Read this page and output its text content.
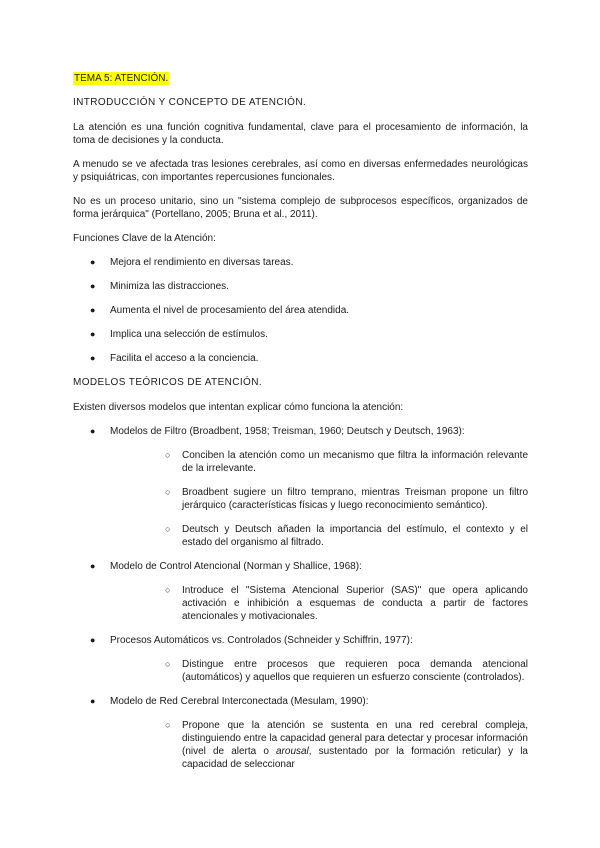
TEMA 5: ATENCIÓN.
INTRODUCCIÓN Y CONCEPTO DE ATENCIÓN.
La atención es una función cognitiva fundamental, clave para el procesamiento de información, la toma de decisiones y la conducta.
A menudo se ve afectada tras lesiones cerebrales, así como en diversas enfermedades neurológicas y psiquiátricas, con importantes repercusiones funcionales.
No es un proceso unitario, sino un "sistema complejo de subprocesos específicos, organizados de forma jerárquica" (Portellano, 2005; Bruna et al., 2011).
Funciones Clave de la Atención:
● Mejora el rendimiento en diversas tareas.
● Minimiza las distracciones.
● Aumenta el nivel de procesamiento del área atendida.
● Implica una selección de estímulos.
● Facilita el acceso a la conciencia.
MODELOS TEÓRICOS DE ATENCIÓN.
Existen diversos modelos que intentan explicar cómo funciona la atención:
● Modelos de Filtro (Broadbent, 1958; Treisman, 1960; Deutsch y Deutsch, 1963):
○ Conciben la atención como un mecanismo que filtra la información relevante de la irrelevante.
○ Broadbent sugiere un filtro temprano, mientras Treisman propone un filtro jerárquico (características físicas y luego reconocimiento semántico).
○ Deutsch y Deutsch añaden la importancia del estímulo, el contexto y el estado del organismo al filtrado.
● Modelo de Control Atencional (Norman y Shallice, 1968):
○ Introduce el "Sistema Atencional Superior (SAS)" que opera aplicando activación e inhibición a esquemas de conducta a partir de factores atencionales y motivacionales.
● Procesos Automáticos vs. Controlados (Schneider y Schiffrin, 1977):
○ Distingue entre procesos que requieren poca demanda atencional (automáticos) y aquellos que requieren un esfuerzo consciente (controlados).
● Modelo de Red Cerebral Interconectada (Mesulam, 1990):
○ Propone que la atención se sustenta en una red cerebral compleja, distinguiendo entre la capacidad general para detectar y procesar información (nivel de alerta o arousal, sustentado por la formación reticular) y la capacidad de seleccionar
